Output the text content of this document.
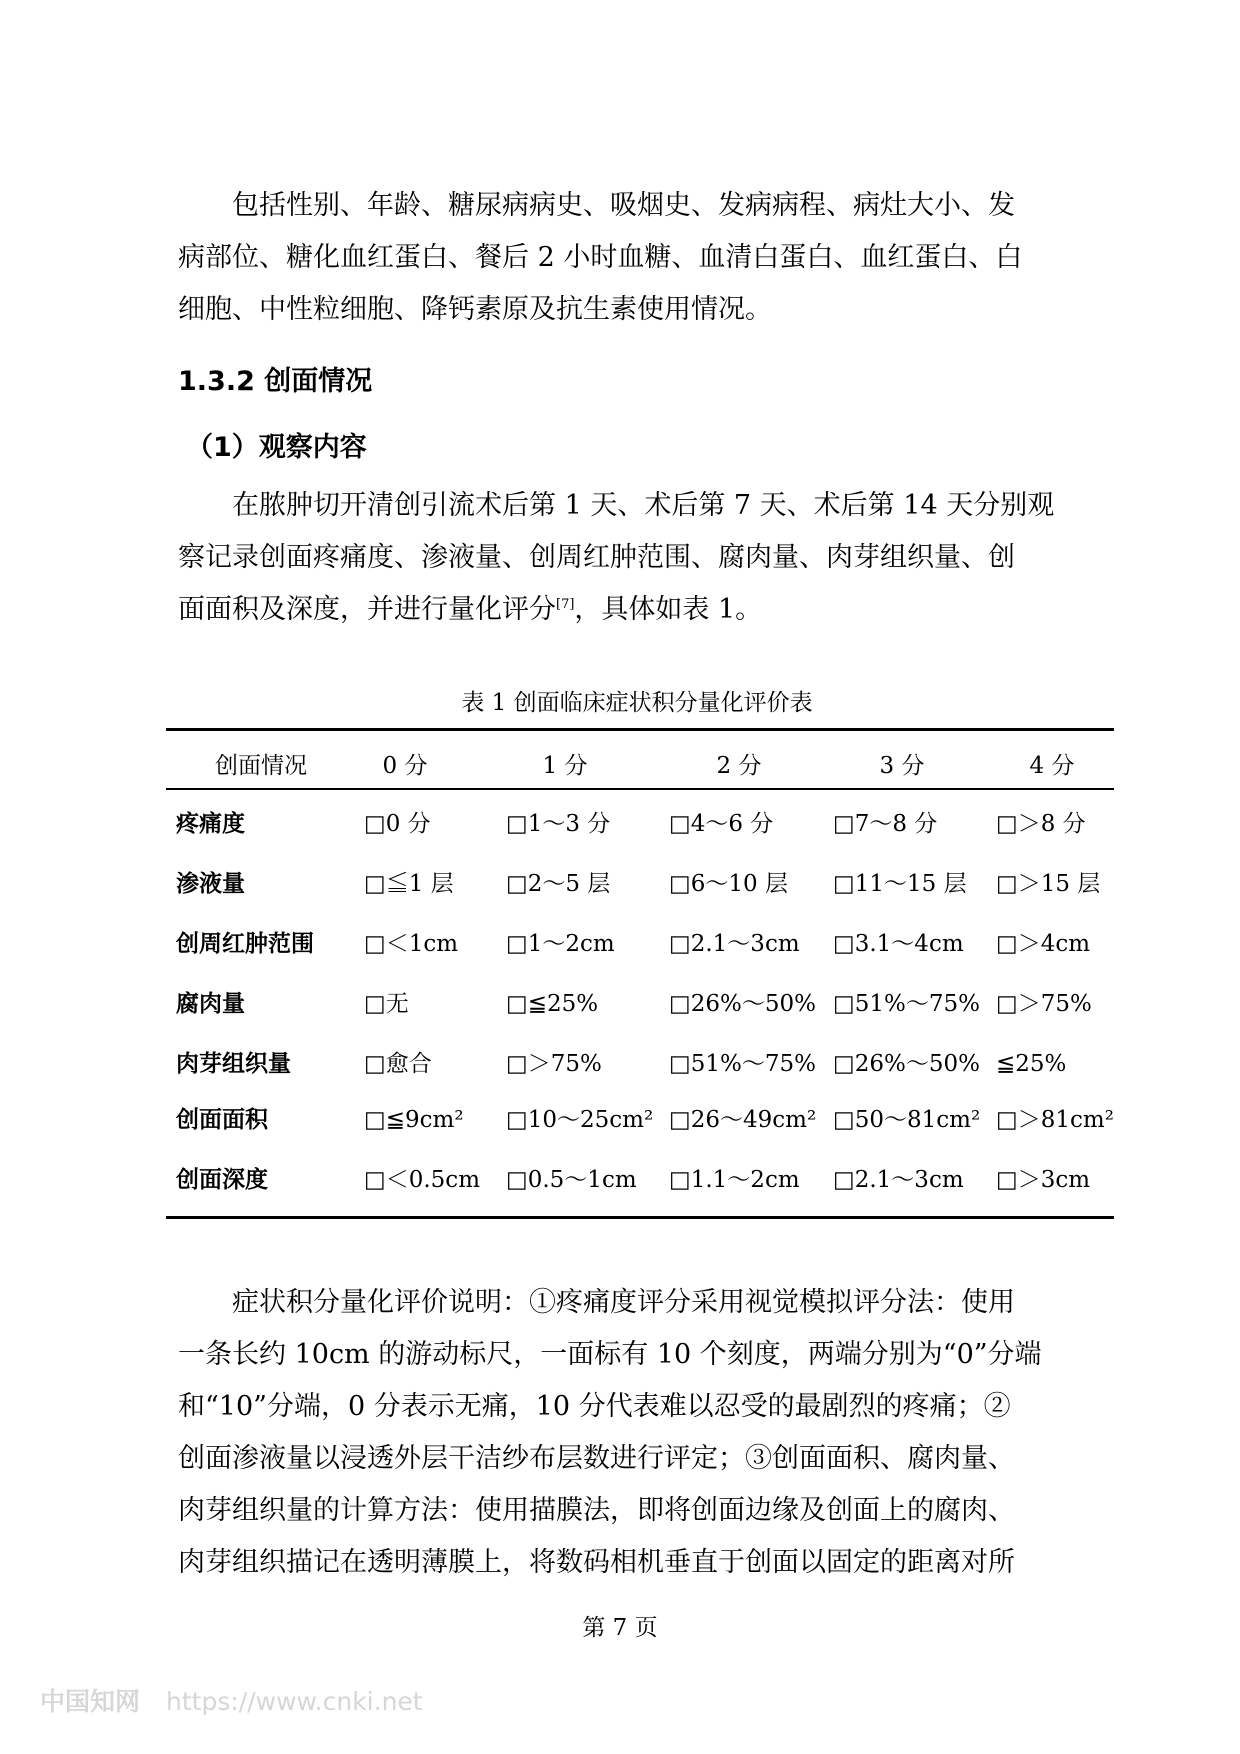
包括性别、年龄、糖尿病病史、吸烟史、发病病程、病灶大小、发
病部位、糖化血红蛋白、餐后 2 小时血糖、血清白蛋白、血红蛋白、白
细胞、中性粒细胞、降钙素原及抗生素使用情况。
1.3.2 创面情况
（1）观察内容
在脓肿切开清创引流术后第 1 天、术后第 7 天、术后第 14 天分别观
察记录创面疼痛度、渗液量、创周红肿范围、腐肉量、肉芽组织量、创
面面积及深度，并进行量化评分[7]，具体如表 1。
表 1 创面临床症状积分量化评价表
创面情况	0 分	1 分	2 分	3 分	4 分
疼痛度	□0 分	□1～3 分	□4～6 分	□7～8 分	□＞8 分
渗液量	□≦1 层	□2～5 层	□6～10 层	□11～15 层	□＞15 层
创周红肿范围	□＜1cm	□1～2cm	□2.1～3cm	□3.1～4cm	□＞4cm
腐肉量	□无	□≦25%	□26%～50% □51%～75% □＞75%
肉芽组织量	□愈合	□＞75%	□51%～75% □26%～50% ≦25%
创面面积	□≦9cm²	□10～25cm² □26～49cm² □50～81cm² □＞81cm²
创面深度	□＜0.5cm	□0.5～1cm	□1.1～2cm	□2.1～3cm	□＞3cm
症状积分量化评价说明：①疼痛度评分采用视觉模拟评分法：使用
一条长约 10cm 的游动标尺，一面标有 10 个刻度，两端分别为“0”分端
和“10”分端，0 分表示无痛，10 分代表难以忍受的最剧烈的疼痛；②
创面渗液量以浸透外层干洁纱布层数进行评定；③创面面积、腐肉量、
肉芽组织量的计算方法：使用描膜法，即将创面边缘及创面上的腐肉、
肉芽组织描记在透明薄膜上，将数码相机垂直于创面以固定的距离对所
第 7 页
中国知网 https://www.cnki.net
